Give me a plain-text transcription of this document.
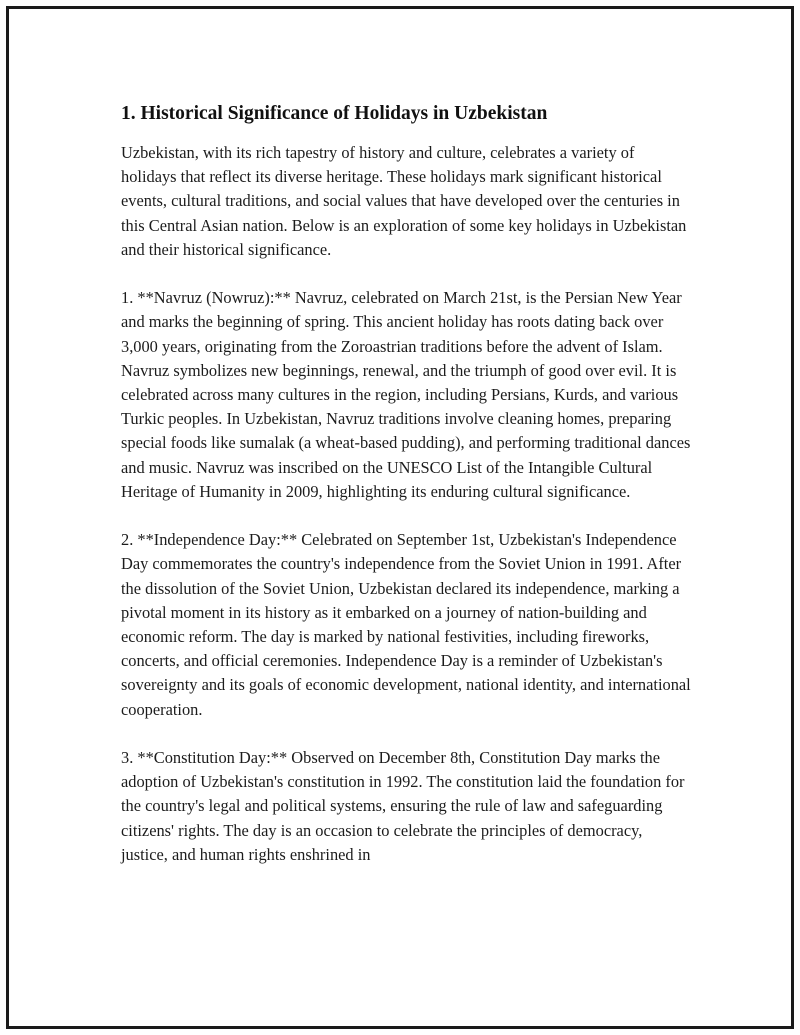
1. Historical Significance of Holidays in Uzbekistan

Uzbekistan, with its rich tapestry of history and culture, celebrates a variety of holidays that reflect its diverse heritage. These holidays mark significant historical events, cultural traditions, and social values that have developed over the centuries in this Central Asian nation. Below is an exploration of some key holidays in Uzbekistan and their historical significance.

1. **Navruz (Nowruz):** Navruz, celebrated on March 21st, is the Persian New Year and marks the beginning of spring. This ancient holiday has roots dating back over 3,000 years, originating from the Zoroastrian traditions before the advent of Islam. Navruz symbolizes new beginnings, renewal, and the triumph of good over evil. It is celebrated across many cultures in the region, including Persians, Kurds, and various Turkic peoples. In Uzbekistan, Navruz traditions involve cleaning homes, preparing special foods like sumalak (a wheat-based pudding), and performing traditional dances and music. Navruz was inscribed on the UNESCO List of the Intangible Cultural Heritage of Humanity in 2009, highlighting its enduring cultural significance.

2. **Independence Day:** Celebrated on September 1st, Uzbekistan's Independence Day commemorates the country's independence from the Soviet Union in 1991. After the dissolution of the Soviet Union, Uzbekistan declared its independence, marking a pivotal moment in its history as it embarked on a journey of nation-building and economic reform. The day is marked by national festivities, including fireworks, concerts, and official ceremonies. Independence Day is a reminder of Uzbekistan's sovereignty and its goals of economic development, national identity, and international cooperation.

3. **Constitution Day:** Observed on December 8th, Constitution Day marks the adoption of Uzbekistan's constitution in 1992. The constitution laid the foundation for the country's legal and political systems, ensuring the rule of law and safeguarding citizens' rights. The day is an occasion to celebrate the principles of democracy, justice, and human rights enshrined in
